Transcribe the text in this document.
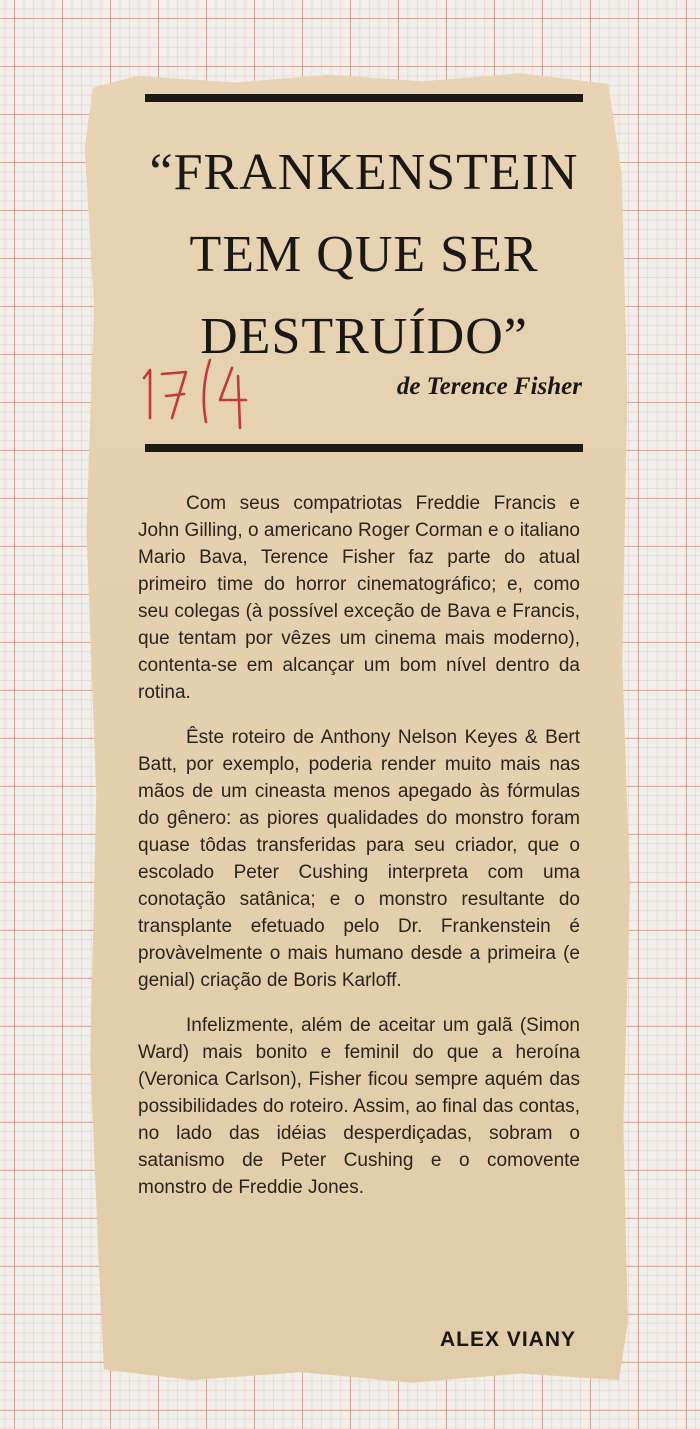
“FRANKENSTEIN
TEM QUE SER
DESTRUÍDO”
de Terence Fisher

Com seus compatriotas Freddie Francis e John Gilling, o americano Roger Corman e o italiano Mario Bava, Terence Fisher faz parte do atual primeiro time do horror cinematográfico; e, como seu colegas (à possível exceção de Bava e Francis, que tentam por vêzes um cinema mais moderno), contenta-se em alcançar um bom nível dentro da rotina.

Êste roteiro de Anthony Nelson Keyes & Bert Batt, por exemplo, poderia render muito mais nas mãos de um cineasta menos apegado às fórmulas do gênero: as piores qualidades do monstro foram quase tôdas transferidas para seu criador, que o escolado Peter Cushing interpreta com uma conotação satânica; e o monstro resultante do transplante efetuado pelo Dr. Frankenstein é provàvelmente o mais humano desde a primeira (e genial) criação de Boris Karloff.

Infelizmente, além de aceitar um galã (Simon Ward) mais bonito e feminil do que a heroína (Veronica Carlson), Fisher ficou sempre aquém das possibilidades do roteiro. Assim, ao final das contas, no lado das idéias desperdiçadas, sobram o satanismo de Peter Cushing e o comovente monstro de Freddie Jones.

ALEX VIANY
